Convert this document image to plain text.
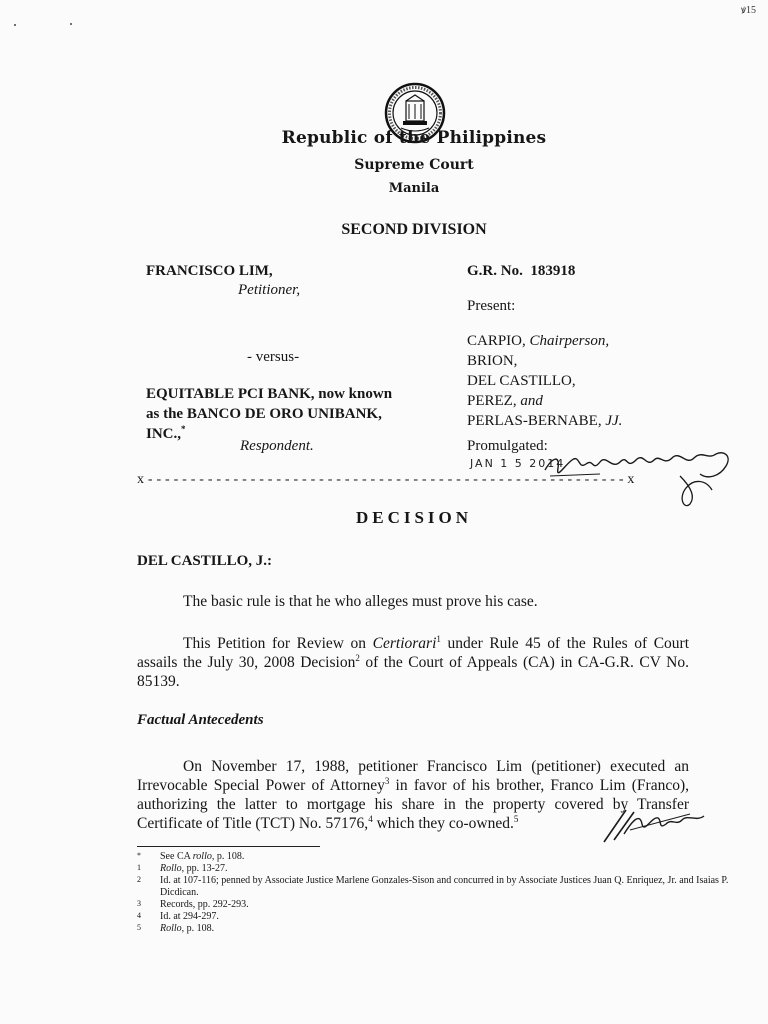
ꝟ15
Republic of the Philippines
Supreme Court
Manila
SECOND DIVISION
FRANCISCO LIM,
Petitioner,
- versus-
EQUITABLE PCI BANK, now known as the BANCO DE ORO UNIBANK, INC.,*
Respondent.
G.R. No.  183918
Present:
CARPIO, Chairperson,
BRION,
DEL CASTILLO,
PEREZ, and
PERLAS-BERNABE, JJ.
Promulgated:
JAN 1 5 2014
x - - - - - - - - - - - - - - - - - - - - - - - - - - - - - - - - - - - - - - - - - - - - - - - - - - - - - - - - x
DECISION
DEL CASTILLO, J.:
The basic rule is that he who alleges must prove his case.
This Petition for Review on Certiorari$^1$ under Rule 45 of the Rules of Court assails the July 30, 2008 Decision$^2$ of the Court of Appeals (CA) in CA-G.R. CV No. 85139.
Factual Antecedents
On November 17, 1988, petitioner Francisco Lim (petitioner) executed an Irrevocable Special Power of Attorney$^3$ in favor of his brother, Franco Lim (Franco), authorizing the latter to mortgage his share in the property covered by Transfer Certificate of Title (TCT) No. 57176,$^4$ which they co-owned.$^5$
*	See CA rollo, p. 108.
1	Rollo, pp. 13-27.
2	Id. at 107-116; penned by Associate Justice Marlene Gonzales-Sison and concurred in by Associate Justices Juan Q. Enriquez, Jr. and Isaias P. Dicdican.
3	Records, pp. 292-293.
4	Id. at 294-297.
5	Rollo, p. 108.
